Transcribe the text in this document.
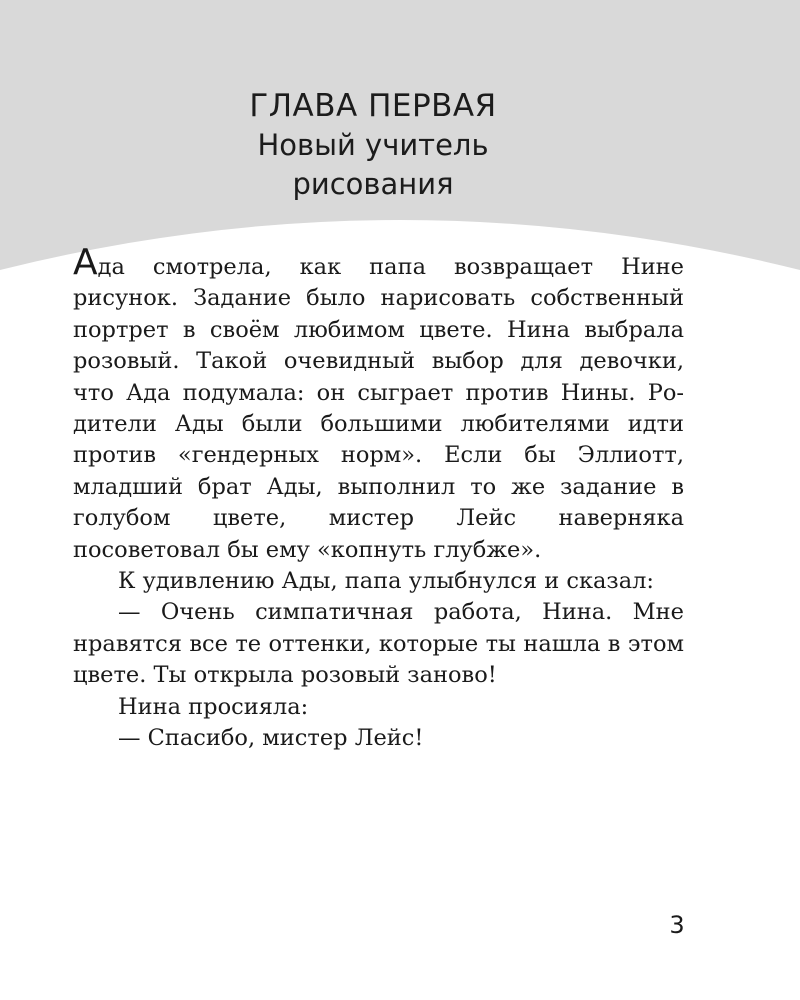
ГЛАВА ПЕРВАЯ
Новый учитель
рисования

Ада смотрела, как папа возвращает Нине рисунок. Задание было нарисовать собственный портрет в своём любимом цвете. Нина выбрала розовый. Такой очевидный выбор для девочки, что Ада подумала: он сыграет против Нины. Родители Ады были большими любителями идти против «гендерных норм». Если бы Эллиотт, младший брат Ады, выполнил то же задание в голубом цвете, мистер Лейс наверняка посоветовал бы ему «копнуть глубже».

К удивлению Ады, папа улыбнулся и сказал:

— Очень симпатичная работа, Нина. Мне нравятся все те оттенки, которые ты нашла в этом цвете. Ты открыла розовый заново!

Нина просияла:

— Спасибо, мистер Лейс!

3
